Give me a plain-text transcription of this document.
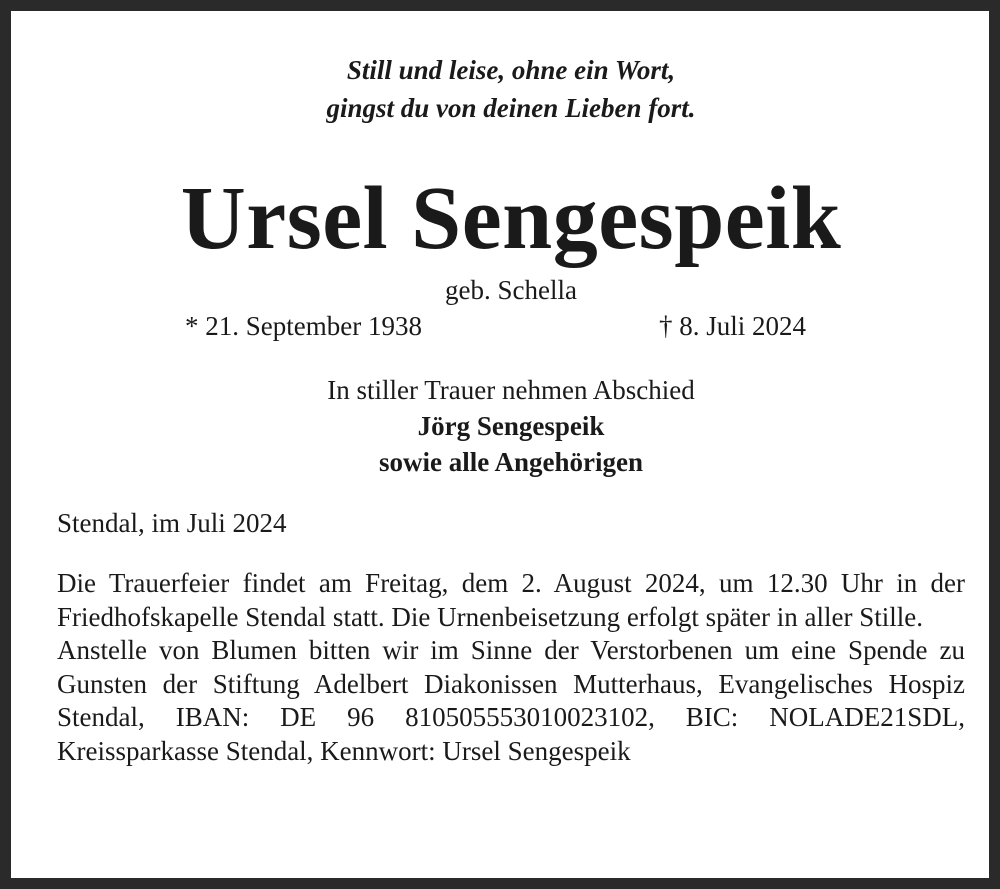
Still und leise, ohne ein Wort,
gingst du von deinen Lieben fort.
Ursel Sengespeik
geb. Schella
* 21. September 1938	† 8. Juli 2024
In stiller Trauer nehmen Abschied
Jörg Sengespeik
sowie alle Angehörigen
Stendal, im Juli 2024

Die Trauerfeier findet am Freitag, dem 2. August 2024, um 12.30 Uhr in der Friedhofskapelle Stendal statt. Die Urnenbeisetzung erfolgt später in aller Stille.

Anstelle von Blumen bitten wir im Sinne der Verstorbenen um eine Spende zu Gunsten der Stiftung Adelbert Diakonissen Mutterhaus, Evangelisches Hospiz Stendal, IBAN: DE 96 810505553010023102, BIC: NOLADE21SDL, Kreissparkasse Stendal, Kennwort: Ursel Sengespeik
